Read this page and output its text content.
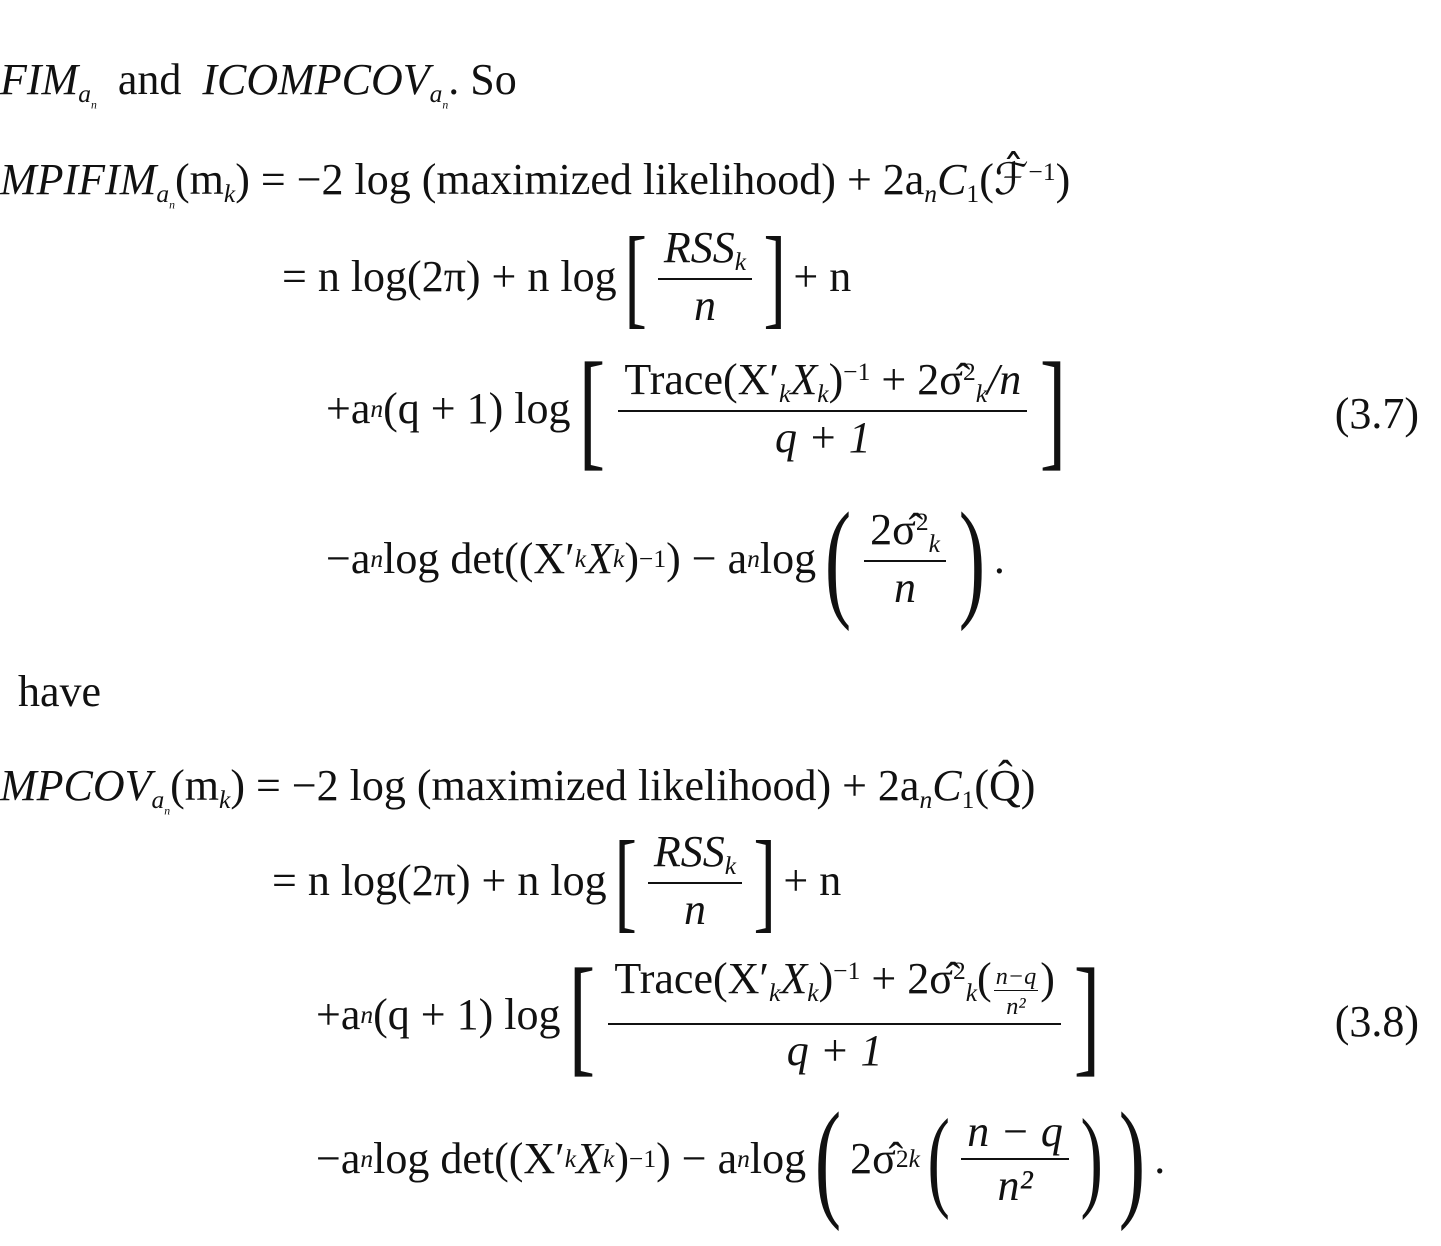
$FIM_{a_n}$ and $ICOMPCOV_{a_n}$. So
$MPIFIM_{a_n}(m_k) = -2$ log (maximized likelihood) + $2a_nC_1(ℱ̂^{-1})$
= n log(2π) + n log [ $\frac{RSS_k}{n}$ ] + n
+a n (q + 1) log [ $\frac{Trace(X'_kX_k)^{-1} + 2\sigmâ^2_k/n}{q + 1}$ ]	(3.7)
−a n log det((X′ k X k ) −1 ) − a n log ( $\frac{2\sigmâ^2_k}{n}$ ) .
have
$MPCOV_{a_n}(m_k) = -2$ log (maximized likelihood) + $2a_nC_1(Q̂)$
= n log(2π) + n log [ $\frac{RSS_k}{n}$ ] + n
+a n (q + 1) log [ $\frac{Trace(X'_kX_k)^{-1} + 2\sigmâ^2_k( \frac{n-q}{\text{n²}} )}{q + 1}$ ]	(3.8)
−a n log det((X′ k X k ) −1 ) − a n log ( 2σ̂ 2 k ( $\frac{n - q}{\text{n²}}$ ) ) .
